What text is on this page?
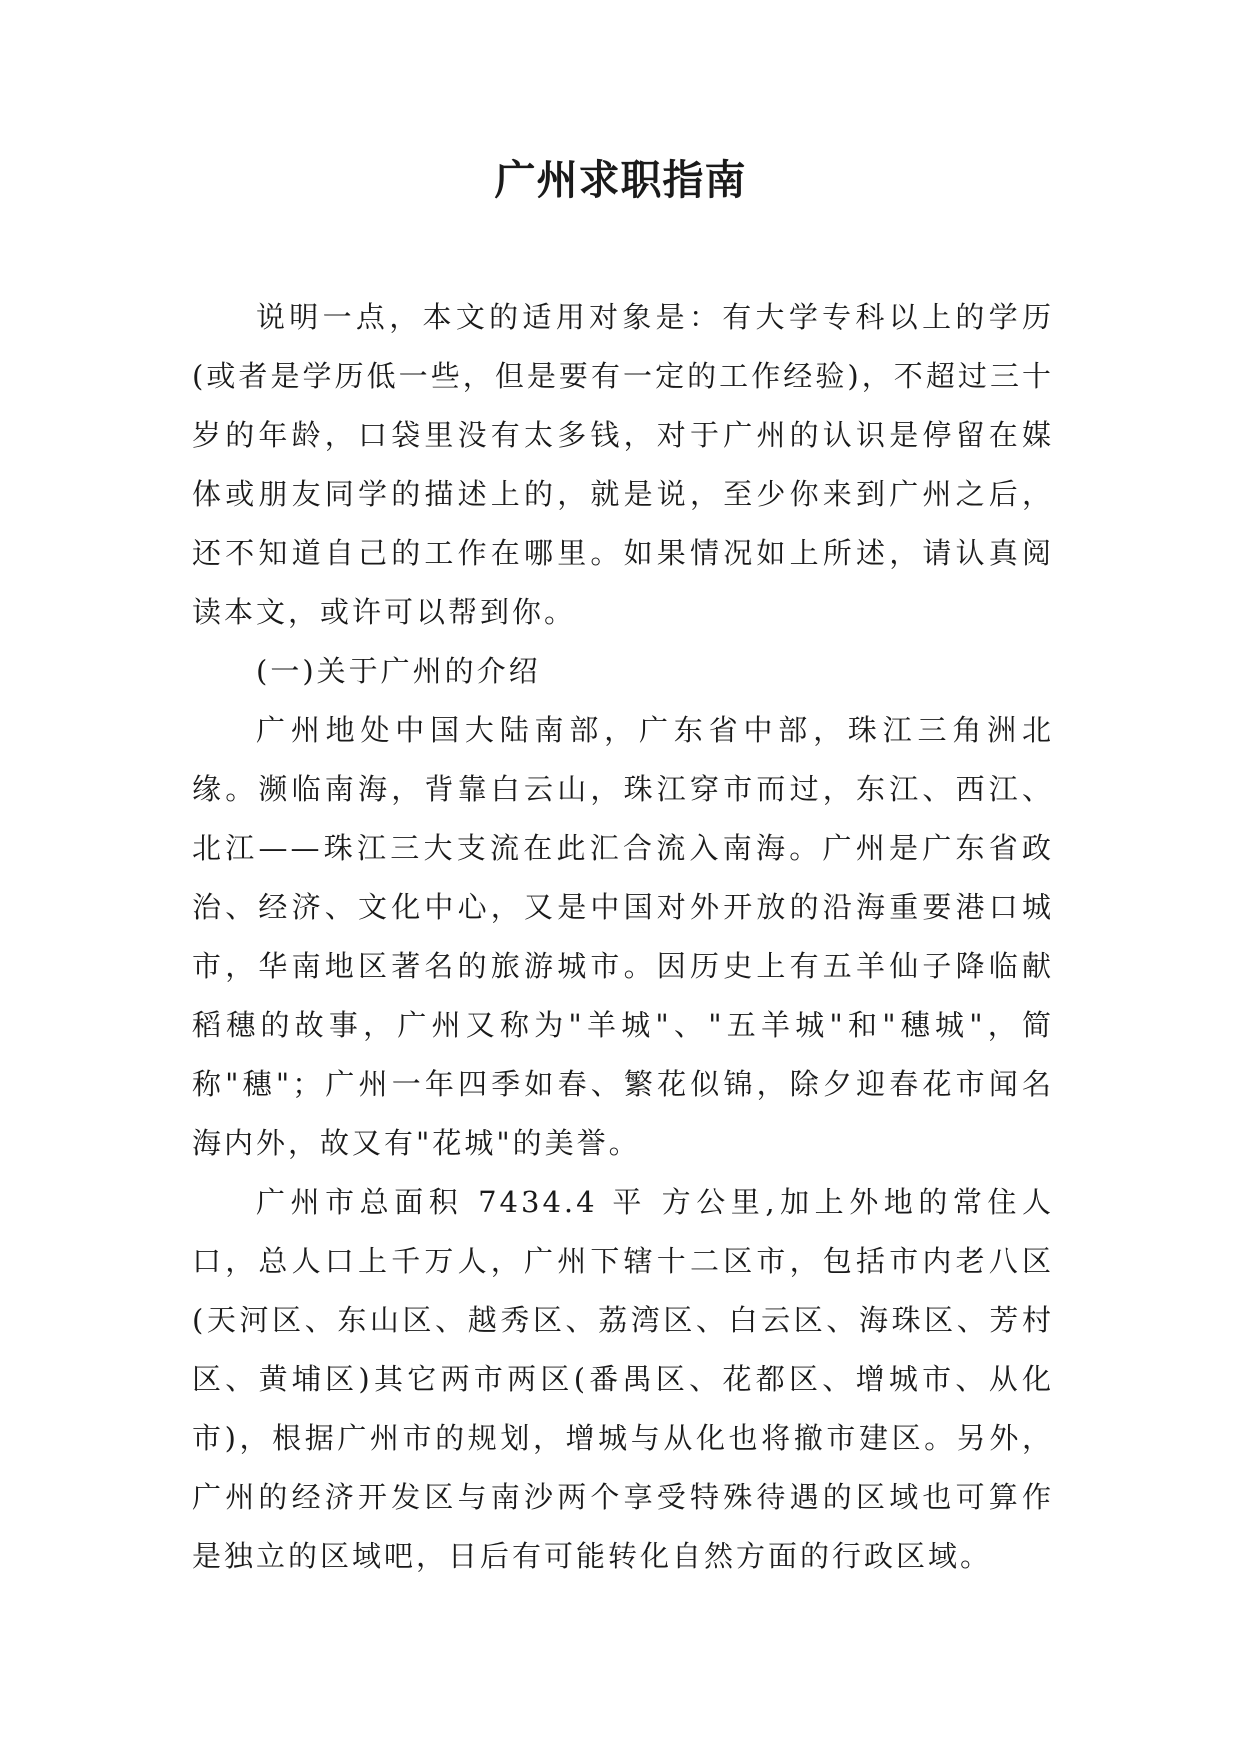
广州求职指南

说明一点，本文的适用对象是：有大学专科以上的学历(或者是学历低一些，但是要有一定的工作经验)，不超过三十岁的年龄，口袋里没有太多钱，对于广州的认识是停留在媒体或朋友同学的描述上的，就是说，至少你来到广州之后，还不知道自己的工作在哪里。如果情况如上所述，请认真阅读本文，或许可以帮到你。

(一)关于广州的介绍

广州地处中国大陆南部，广东省中部，珠江三角洲北缘。濒临南海，背靠白云山，珠江穿市而过，东江、西江、北江——珠江三大支流在此汇合流入南海。广州是广东省政治、经济、文化中心，又是中国对外开放的沿海重要港口城市，华南地区著名的旅游城市。因历史上有五羊仙子降临献稻穗的故事，广州又称为"羊城"、"五羊城"和"穗城"，简称"穗"；广州一年四季如春、繁花似锦，除夕迎春花市闻名海内外，故又有"花城"的美誉。

广州市总面积 7434.4 平 方公里,加上外地的常住人口，总人口上千万人，广州下辖十二区市，包括市内老八区(天河区、东山区、越秀区、荔湾区、白云区、海珠区、芳村区、黄埔区)其它两市两区(番禺区、花都区、增城市、从化市)，根据广州市的规划，增城与从化也将撤市建区。另外，广州的经济开发区与南沙两个享受特殊待遇的区域也可算作是独立的区域吧，日后有可能转化自然方面的行政区域。
